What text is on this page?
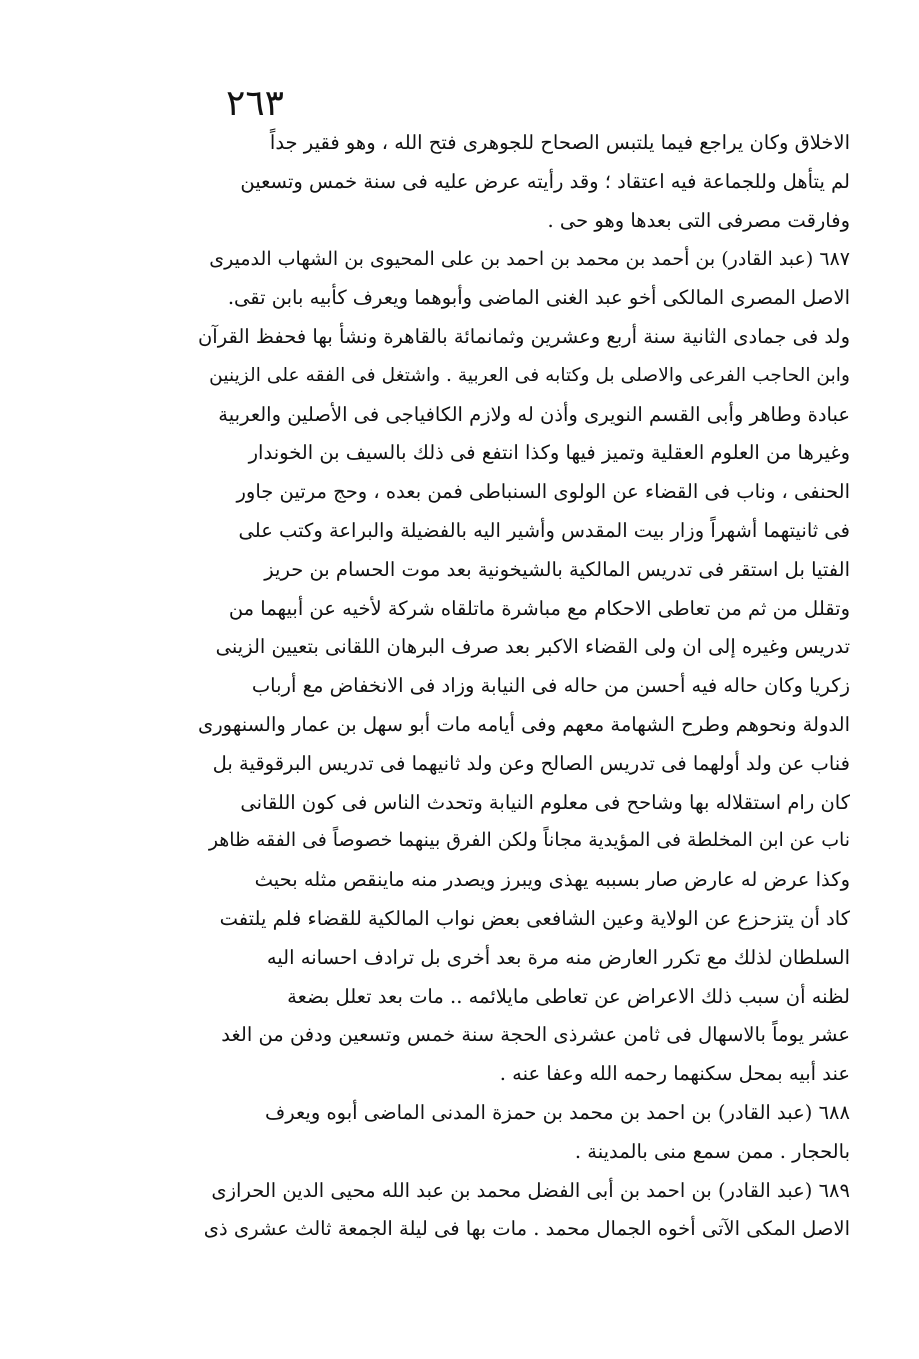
٢٦٣
الاخلاق وكان يراجع فيما يلتبس الصحاح للجوهرى فتح الله ، وهو فقير جداً
لم يتأهل وللجماعة فيه اعتقاد ؛ وقد رأيته عرض عليه فى سنة خمس وتسعين
وفارقت مصرفى التى بعدها وهو حى .
٦٨٧ (عبد القادر) بن أحمد بن محمد بن احمد بن على المحيوى بن الشهاب الدميرى
الاصل المصرى المالكى أخو عبد الغنى الماضى وأبوهما ويعرف كأبيه بابن تقى.
ولد فى جمادى الثانية سنة أربع وعشرين وثمانمائة بالقاهرة ونشأ بها فحفظ القرآن
وابن الحاجب الفرعى والاصلى بل وكتابه فى العربية . واشتغل فى الفقه على الزينين
عبادة وطاهر وأبى القسم النويرى وأذن له ولازم الكافياجى فى الأصلين والعربية
وغيرها من العلوم العقلية وتميز فيها وكذا انتفع فى ذلك بالسيف بن الخوندار
الحنفى ، وناب فى القضاء عن الولوى السنباطى فمن بعده ، وحج مرتين جاور
فى ثانيتهما أشهراً وزار بيت المقدس وأشير اليه بالفضيلة والبراعة وكتب على
الفتيا بل استقر فى تدريس المالكية بالشيخونية بعد موت الحسام بن حريز
وتقلل من ثم من تعاطى الاحكام مع مباشرة ماتلقاه شركة لأخيه عن أبيهما من
تدريس وغيره إلى ان ولى القضاء الاكبر بعد صرف البرهان اللقانى بتعيين الزينى
زكريا وكان حاله فيه أحسن من حاله فى النيابة وزاد فى الانخفاض مع أرباب
الدولة ونحوهم وطرح الشهامة معهم وفى أيامه مات أبو سهل بن عمار والسنهورى
فناب عن ولد أولهما فى تدريس الصالح وعن ولد ثانيهما فى تدريس البرقوقية بل
كان رام استقلاله بها وشاحح فى معلوم النيابة وتحدث الناس فى كون اللقانى
ناب عن ابن المخلطة فى المؤيدية مجاناً ولكن الفرق بينهما خصوصاً فى الفقه ظاهر
وكذا عرض له عارض صار بسببه يهذى ويبرز ويصدر منه ماينقص مثله بحيث
كاد أن يتزحزع عن الولاية وعين الشافعى بعض نواب المالكية للقضاء فلم يلتفت
السلطان لذلك مع تكرر العارض منه مرة بعد أخرى بل ترادف احسانه اليه
لظنه أن سبب ذلك الاعراض عن تعاطى مايلائمه .. مات بعد تعلل بضعة
عشر يوماً بالاسهال فى ثامن عشرذى الحجة سنة خمس وتسعين ودفن من الغد
عند أبيه بمحل سكنهما رحمه الله وعفا عنه .
٦٨٨ (عبد القادر) بن احمد بن محمد بن حمزة المدنى الماضى أبوه ويعرف
بالحجار . ممن سمع منى بالمدينة .
٦٨٩ (عبد القادر) بن احمد بن أبى الفضل محمد بن عبد الله محيى الدين الحرازى
الاصل المكى الآتى أخوه الجمال محمد . مات بها فى ليلة الجمعة ثالث عشرى ذى
